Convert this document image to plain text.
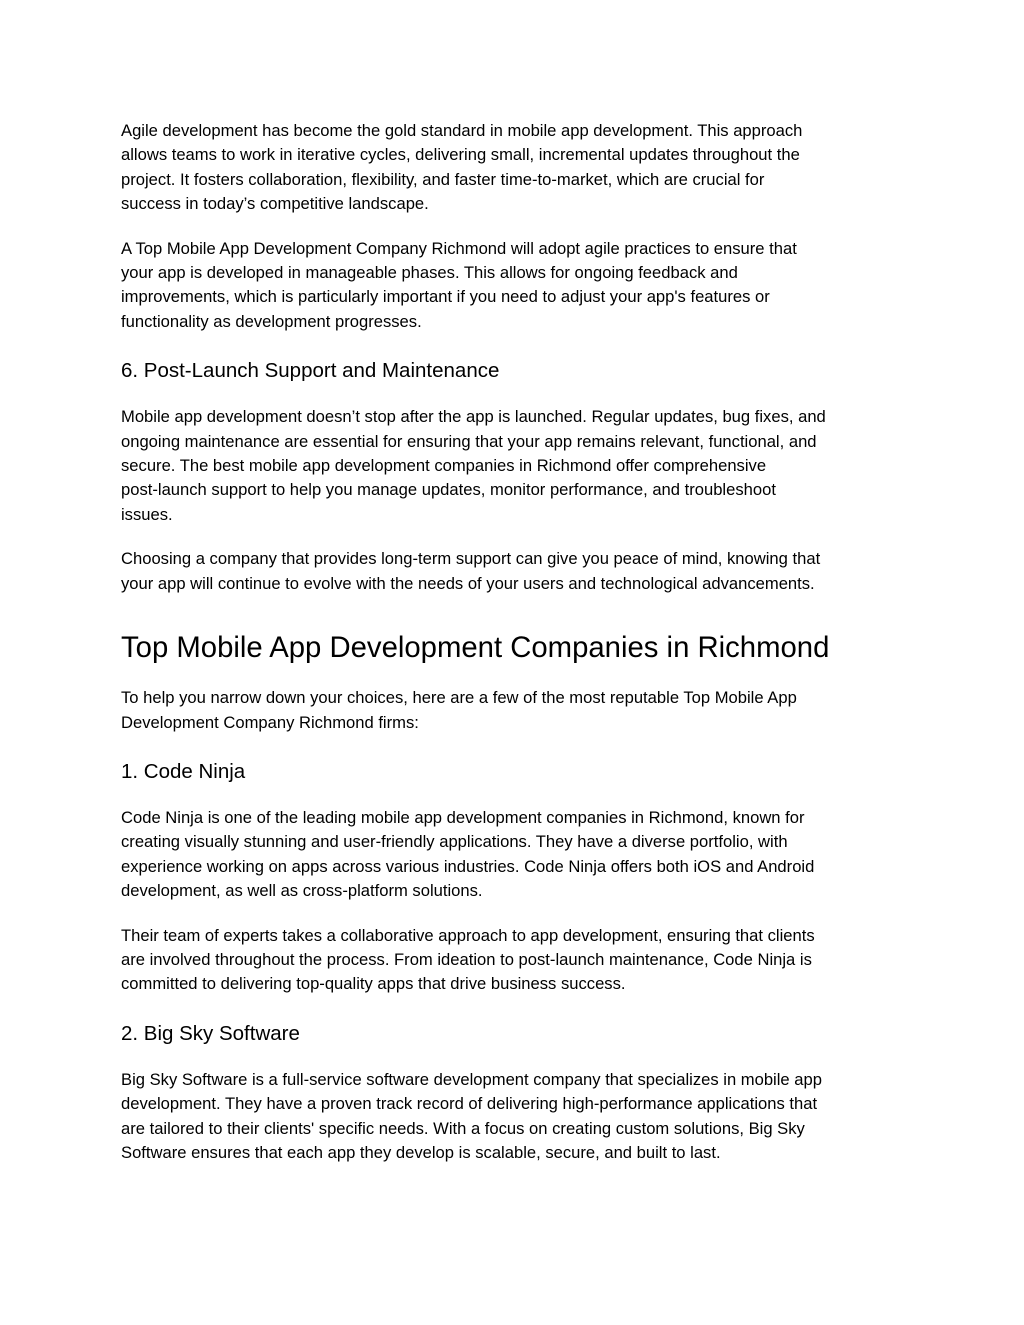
Agile development has become the gold standard in mobile app development. This approach
allows teams to work in iterative cycles, delivering small, incremental updates throughout the
project. It fosters collaboration, flexibility, and faster time-to-market, which are crucial for
success in today’s competitive landscape.

A Top Mobile App Development Company Richmond will adopt agile practices to ensure that
your app is developed in manageable phases. This allows for ongoing feedback and
improvements, which is particularly important if you need to adjust your app's features or
functionality as development progresses.

6. Post-Launch Support and Maintenance

Mobile app development doesn’t stop after the app is launched. Regular updates, bug fixes, and
ongoing maintenance are essential for ensuring that your app remains relevant, functional, and
secure. The best mobile app development companies in Richmond offer comprehensive
post-launch support to help you manage updates, monitor performance, and troubleshoot
issues.

Choosing a company that provides long-term support can give you peace of mind, knowing that
your app will continue to evolve with the needs of your users and technological advancements.

Top Mobile App Development Companies in Richmond

To help you narrow down your choices, here are a few of the most reputable Top Mobile App
Development Company Richmond firms:

1. Code Ninja

Code Ninja is one of the leading mobile app development companies in Richmond, known for
creating visually stunning and user-friendly applications. They have a diverse portfolio, with
experience working on apps across various industries. Code Ninja offers both iOS and Android
development, as well as cross-platform solutions.

Their team of experts takes a collaborative approach to app development, ensuring that clients
are involved throughout the process. From ideation to post-launch maintenance, Code Ninja is
committed to delivering top-quality apps that drive business success.

2. Big Sky Software

Big Sky Software is a full-service software development company that specializes in mobile app
development. They have a proven track record of delivering high-performance applications that
are tailored to their clients' specific needs. With a focus on creating custom solutions, Big Sky
Software ensures that each app they develop is scalable, secure, and built to last.
